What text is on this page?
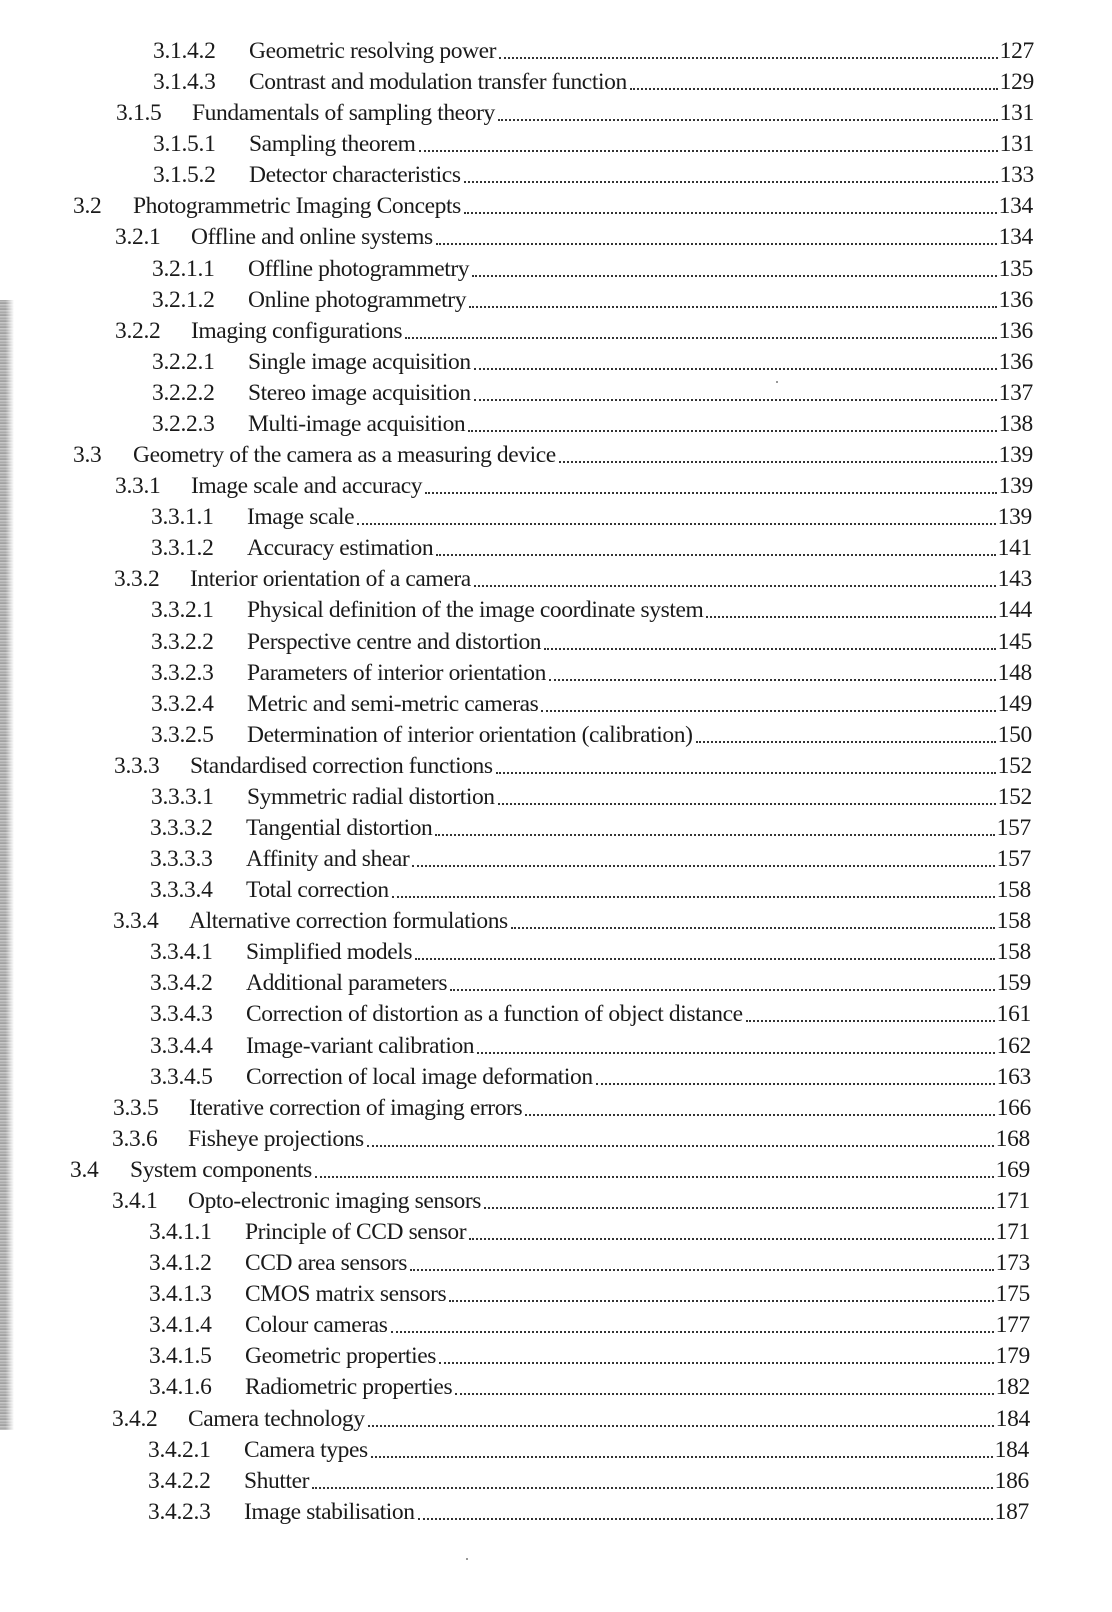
3.1.4.2	Geometric resolving power	127
3.1.4.3	Contrast and modulation transfer function	129
3.1.5	Fundamentals of sampling theory	131
3.1.5.1	Sampling theorem	131
3.1.5.2	Detector characteristics	133
3.2	Photogrammetric Imaging Concepts	134
3.2.1	Offline and online systems	134
3.2.1.1	Offline photogrammetry	135
3.2.1.2	Online photogrammetry	136
3.2.2	Imaging configurations	136
3.2.2.1	Single image acquisition	136
3.2.2.2	Stereo image acquisition	137
3.2.2.3	Multi-image acquisition	138
3.3	Geometry of the camera as a measuring device	139
3.3.1	Image scale and accuracy	139
3.3.1.1	Image scale	139
3.3.1.2	Accuracy estimation	141
3.3.2	Interior orientation of a camera	143
3.3.2.1	Physical definition of the image coordinate system	144
3.3.2.2	Perspective centre and distortion	145
3.3.2.3	Parameters of interior orientation	148
3.3.2.4	Metric and semi-metric cameras	149
3.3.2.5	Determination of interior orientation (calibration)	150
3.3.3	Standardised correction functions	152
3.3.3.1	Symmetric radial distortion	152
3.3.3.2	Tangential distortion	157
3.3.3.3	Affinity and shear	157
3.3.3.4	Total correction	158
3.3.4	Alternative correction formulations	158
3.3.4.1	Simplified models	158
3.3.4.2	Additional parameters	159
3.3.4.3	Correction of distortion as a function of object distance	161
3.3.4.4	Image-variant calibration	162
3.3.4.5	Correction of local image deformation	163
3.3.5	Iterative correction of imaging errors	166
3.3.6	Fisheye projections	168
3.4	System components	169
3.4.1	Opto-electronic imaging sensors	171
3.4.1.1	Principle of CCD sensor	171
3.4.1.2	CCD area sensors	173
3.4.1.3	CMOS matrix sensors	175
3.4.1.4	Colour cameras	177
3.4.1.5	Geometric properties	179
3.4.1.6	Radiometric properties	182
3.4.2	Camera technology	184
3.4.2.1	Camera types	184
3.4.2.2	Shutter	186
3.4.2.3	Image stabilisation	187
